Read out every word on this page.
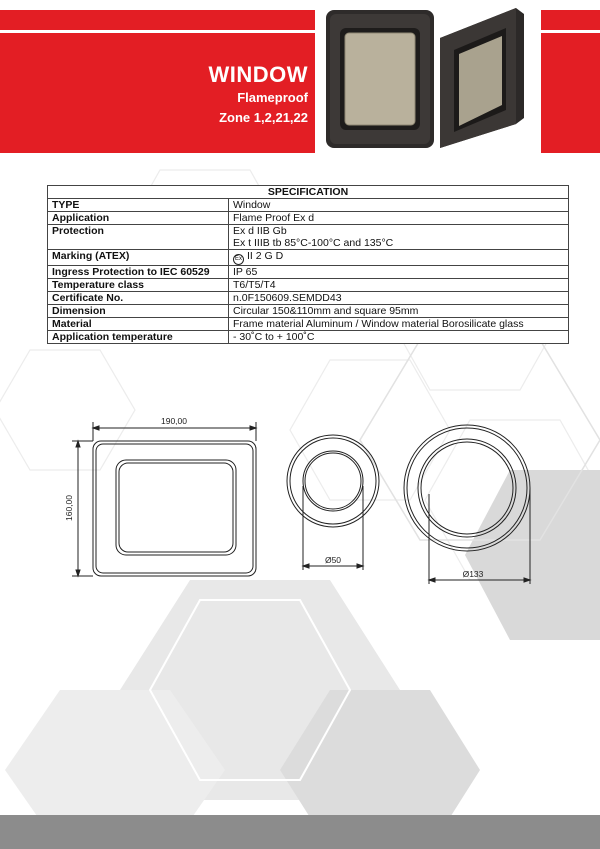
WINDOW
Flameproof
Zone 1,2,21,22
SPECIFICATION	
TYPE	Window
Application	Flame Proof Ex d
Protection	Ex d IIB Gb
Ex t IIIB tb 85°C-100°C and 135°C

Marking (ATEX)	Ex II 2 G D
Ingress Protection to IEC 60529	IP 65
Temperature class	T6/T5/T4
Certificate No.	n.0F150609.SEMDD43
Dimension	Circular 150&110mm and square 95mm
Material	Frame material Aluminum / Window material Borosilicate glass
Application temperature	- 30˚C to + 100˚C
190,00
160,00
Ø50
Ø133
